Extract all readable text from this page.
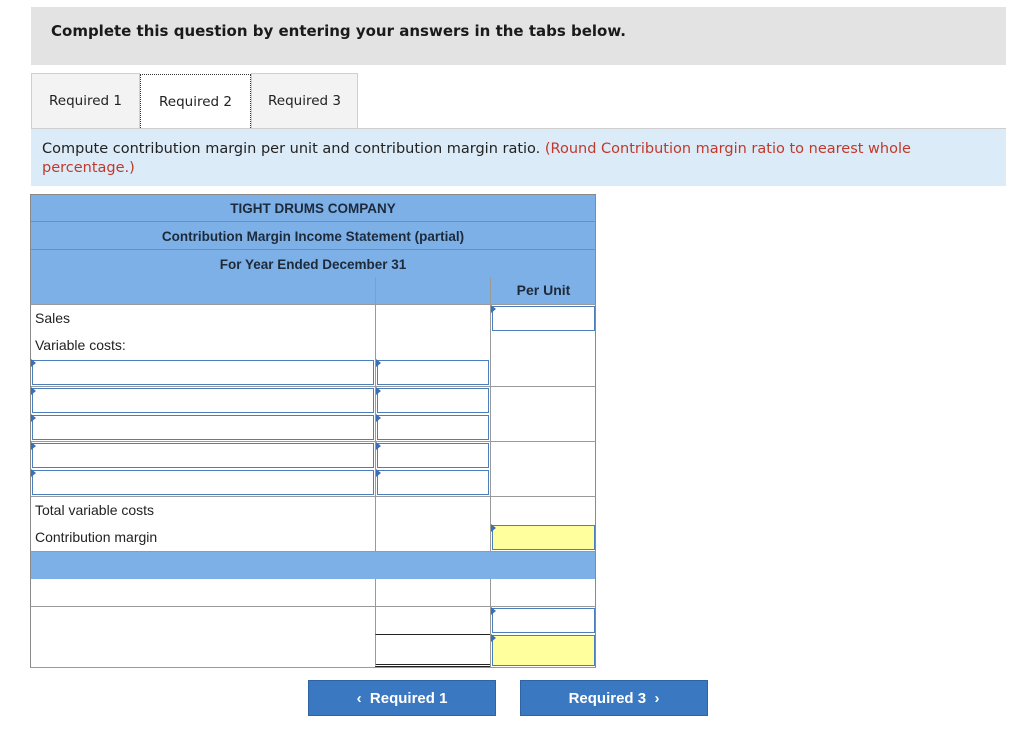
Complete this question by entering your answers in the tabs below.
Required 1	Required 2	Required 3
Compute contribution margin per unit and contribution margin ratio. (Round Contribution margin ratio to nearest whole percentage.)
TIGHT DRUMS COMPANY
Contribution Margin Income Statement (partial)
For Year Ended December 31
Per Unit
Sales
Variable costs:
Total variable costs
Contribution margin
‹ Required 1	Required 3 ›
